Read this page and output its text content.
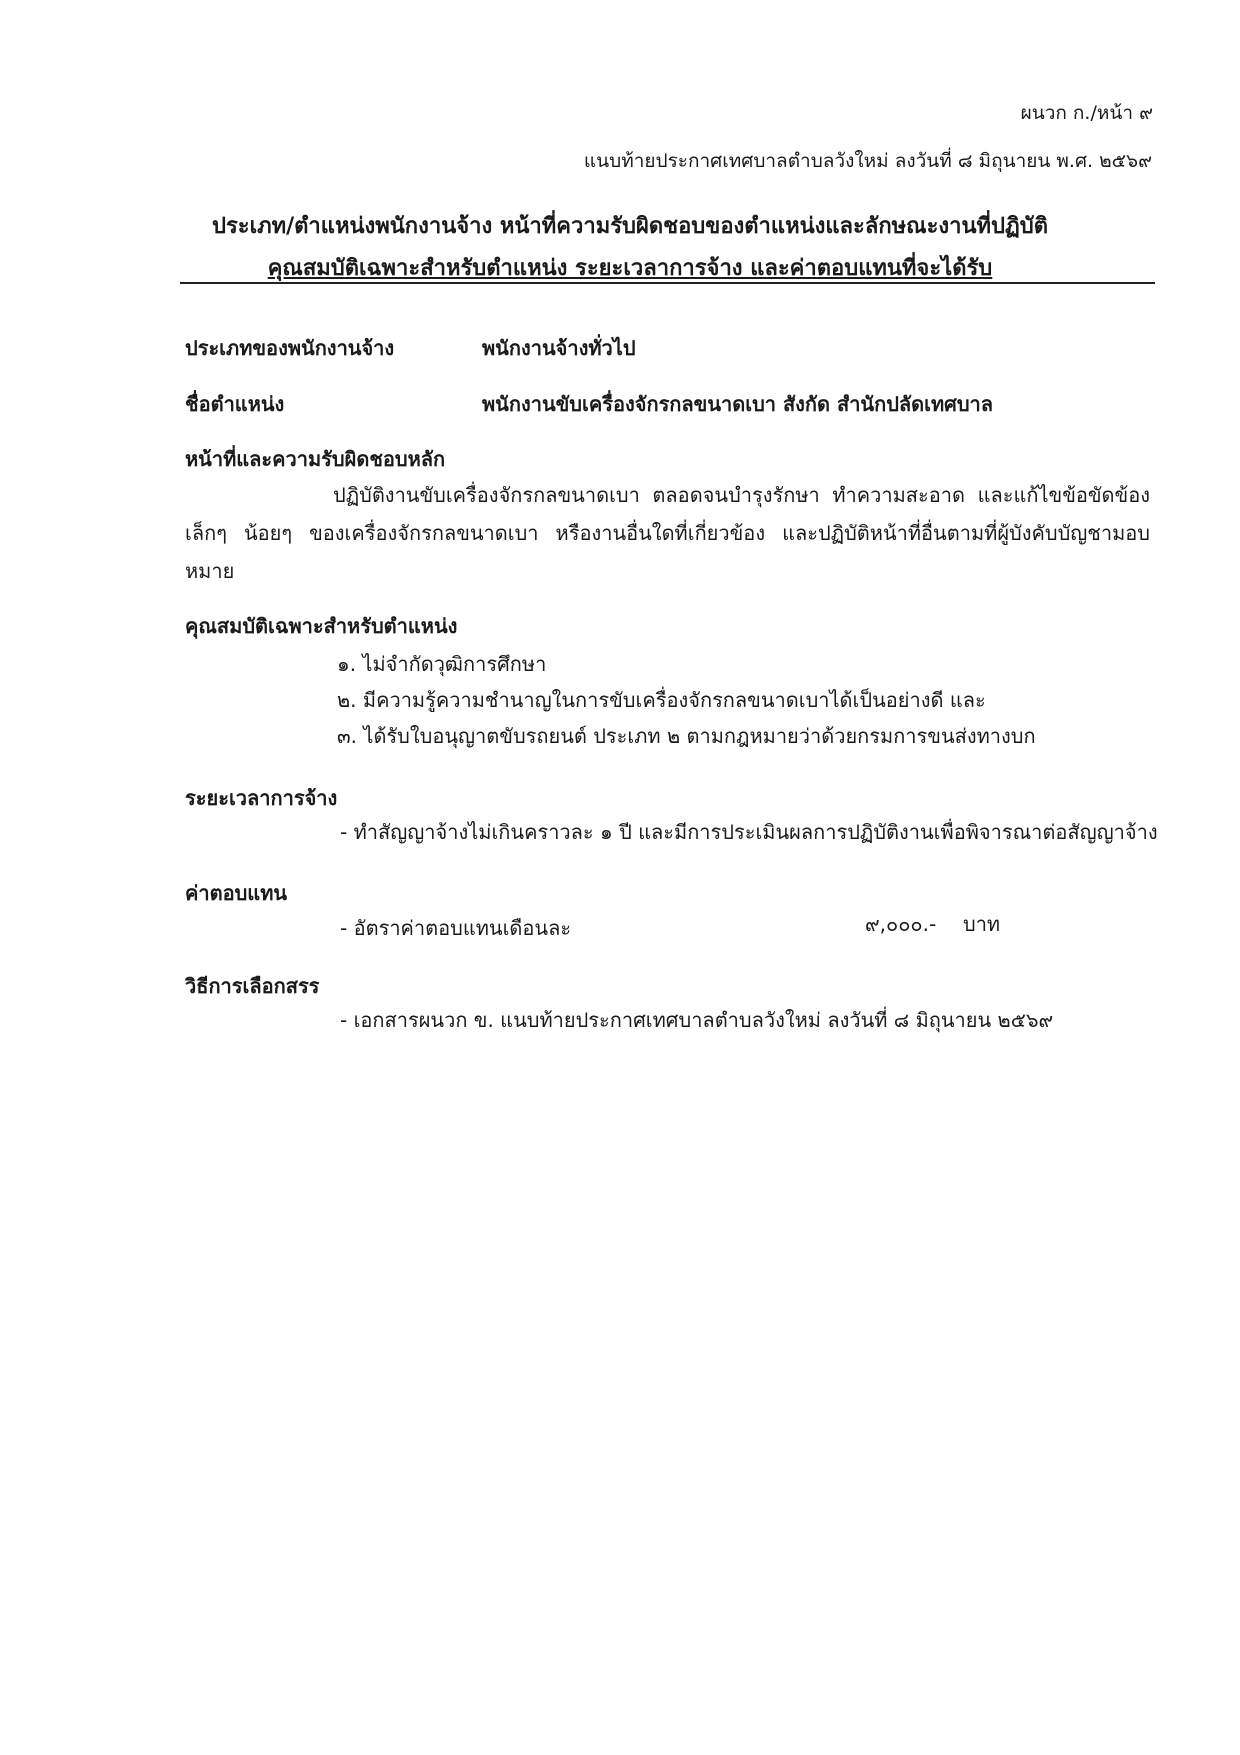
ผนวก ก./หน้า ๙
แนบท้ายประกาศเทศบาลตำบลวังใหม่ ลงวันที่ ๘ มิถุนายน พ.ศ. ๒๕๖๙
ประเภท/ตำแหน่งพนักงานจ้าง หน้าที่ความรับผิดชอบของตำแหน่งและลักษณะงานที่ปฏิบัติ
คุณสมบัติเฉพาะสำหรับตำแหน่ง ระยะเวลาการจ้าง และค่าตอบแทนที่จะได้รับ
ประเภทของพนักงานจ้าง	พนักงานจ้างทั่วไป
ชื่อตำแหน่ง	พนักงานขับเครื่องจักรกลขนาดเบา สังกัด สำนักปลัดเทศบาล
หน้าที่และความรับผิดชอบหลัก
ปฏิบัติงานขับเครื่องจักรกลขนาดเบา ตลอดจนบำรุงรักษา ทำความสะอาด และแก้ไขข้อขัดข้องเล็กๆ น้อยๆ ของเครื่องจักรกลขนาดเบา หรืองานอื่นใดที่เกี่ยวข้อง และปฏิบัติหน้าที่อื่นตามที่ผู้บังคับบัญชามอบหมาย
คุณสมบัติเฉพาะสำหรับตำแหน่ง
๑. ไม่จำกัดวุฒิการศึกษา
๒. มีความรู้ความชำนาญในการขับเครื่องจักรกลขนาดเบาได้เป็นอย่างดี และ
๓. ได้รับใบอนุญาตขับรถยนต์ ประเภท ๒ ตามกฎหมายว่าด้วยกรมการขนส่งทางบก
ระยะเวลาการจ้าง
- ทำสัญญาจ้างไม่เกินคราวละ ๑ ปี และมีการประเมินผลการปฏิบัติงานเพื่อพิจารณาต่อสัญญาจ้าง
ค่าตอบแทน
- อัตราค่าตอบแทนเดือนละ	๙,๐๐๐.- บาท
วิธีการเลือกสรร
- เอกสารผนวก ข. แนบท้ายประกาศเทศบาลตำบลวังใหม่ ลงวันที่ ๘ มิถุนายน ๒๕๖๙
